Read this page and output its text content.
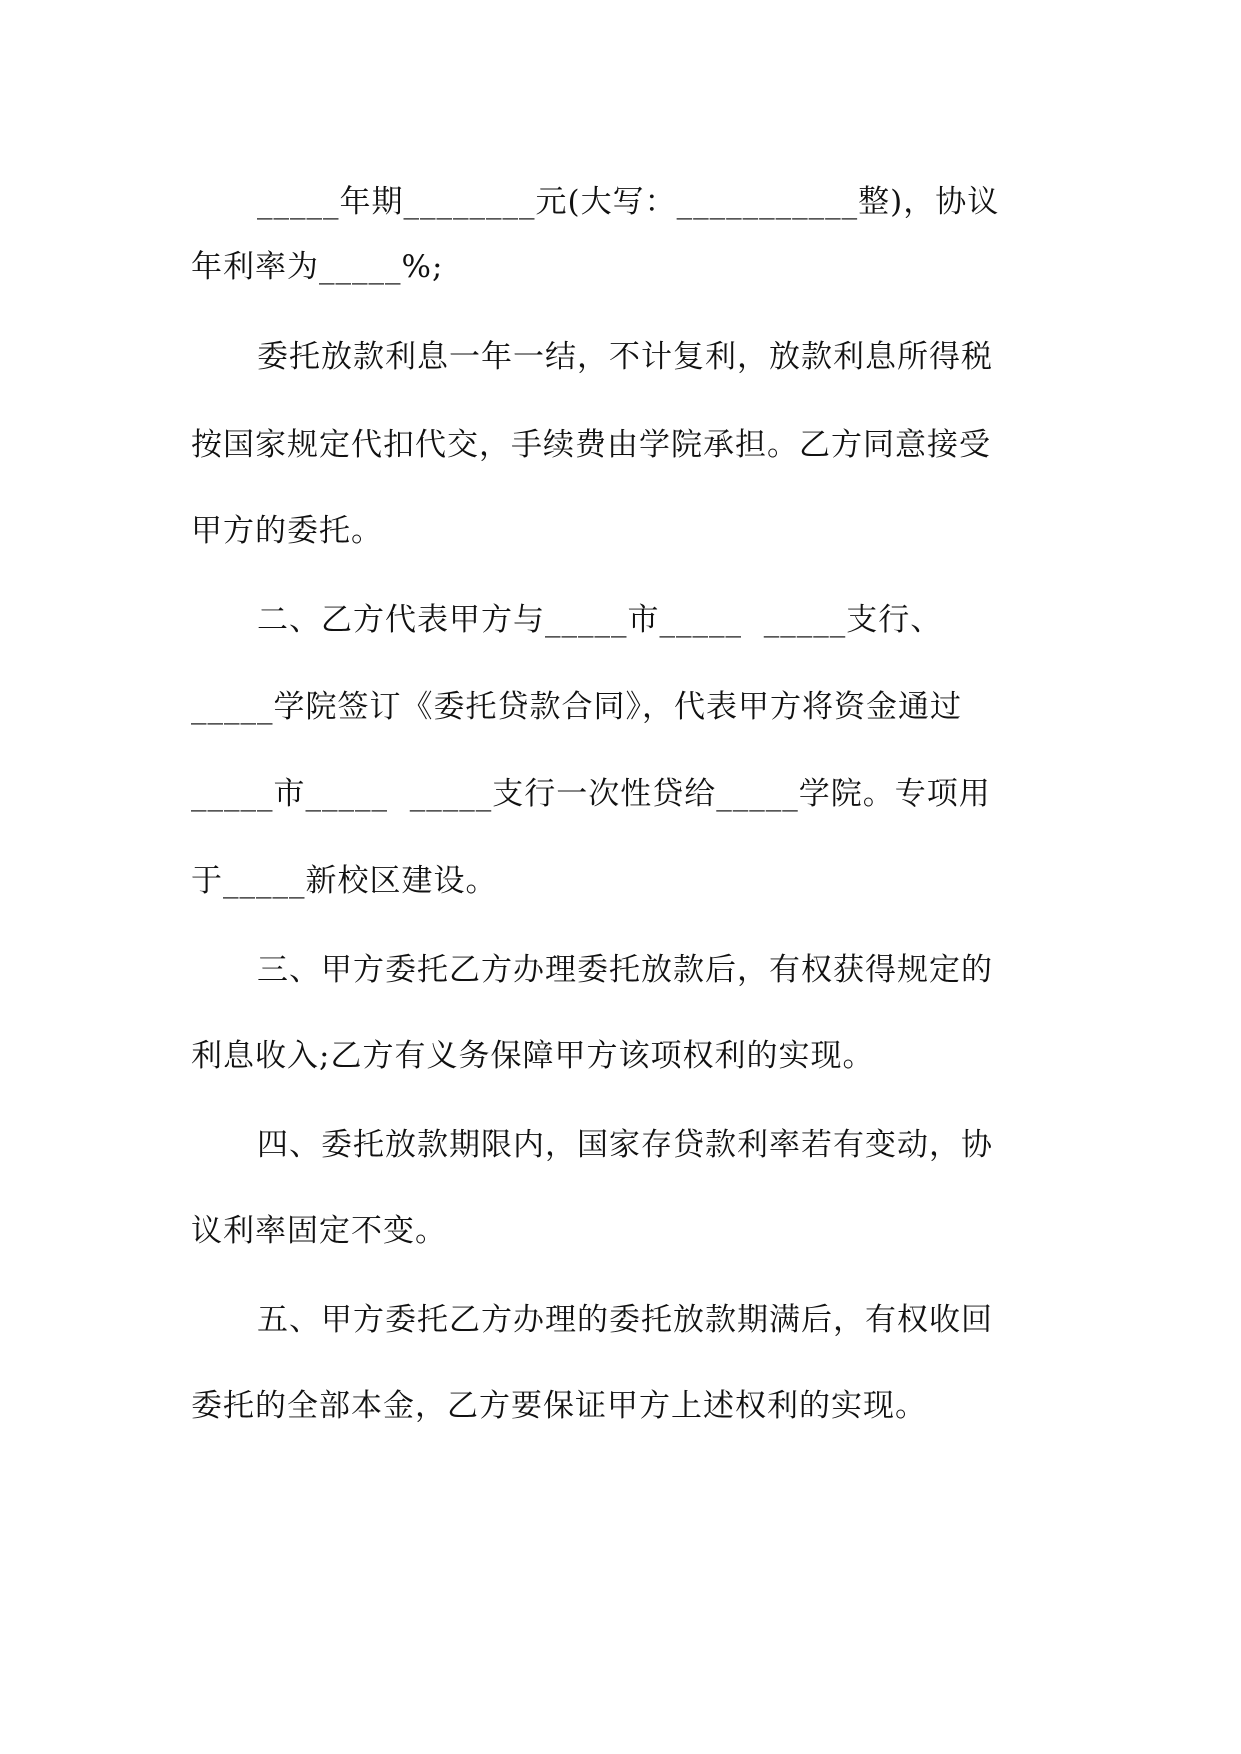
_____年期________元(大写：___________整)，协议
年利率为_____%;
委托放款利息一年一结，不计复利，放款利息所得税
按国家规定代扣代交，手续费由学院承担。乙方同意接受
甲方的委托。
二、乙方代表甲方与_____市_____  _____支行、
_____学院签订《委托贷款合同》，代表甲方将资金通过
_____市_____  _____支行一次性贷给_____学院。专项用
于_____新校区建设。
三、甲方委托乙方办理委托放款后，有权获得规定的
利息收入;乙方有义务保障甲方该项权利的实现。
四、委托放款期限内，国家存贷款利率若有变动，协
议利率固定不变。
五、甲方委托乙方办理的委托放款期满后，有权收回
委托的全部本金，乙方要保证甲方上述权利的实现。
